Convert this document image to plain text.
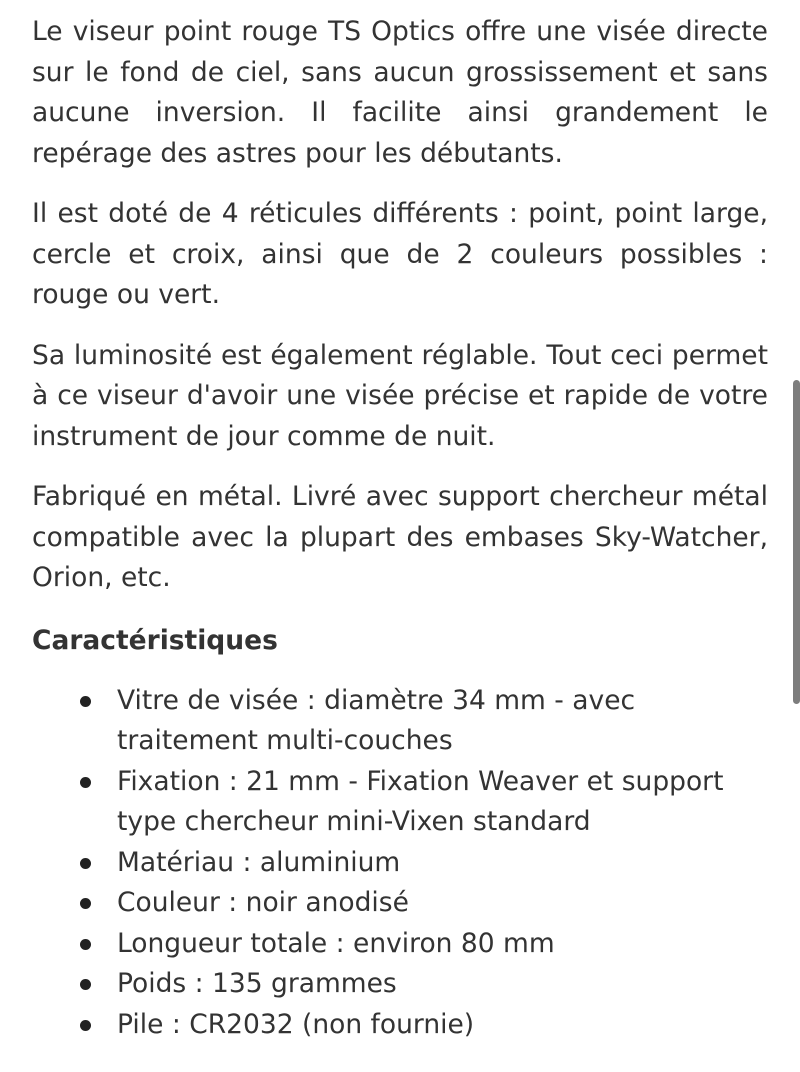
Le viseur point rouge TS Optics offre une visée directe sur le fond de ciel, sans aucun grossissement et sans aucune inversion. Il facilite ainsi grandement le repérage des astres pour les débutants.

Il est doté de 4 réticules différents : point, point large, cercle et croix, ainsi que de 2 couleurs possibles : rouge ou vert.

Sa luminosité est également réglable. Tout ceci permet à ce viseur d'avoir une visée précise et rapide de votre instrument de jour comme de nuit.

Fabriqué en métal. Livré avec support chercheur métal compatible avec la plupart des embases Sky-Watcher, Orion, etc.

Caractéristiques
Vitre de visée : diamètre 34 mm - avec traitement multi-couches
Fixation : 21 mm - Fixation Weaver et support type chercheur mini-Vixen standard
Matériau : aluminium
Couleur : noir anodisé
Longueur totale : environ 80 mm
Poids : 135 grammes
Pile : CR2032 (non fournie)
